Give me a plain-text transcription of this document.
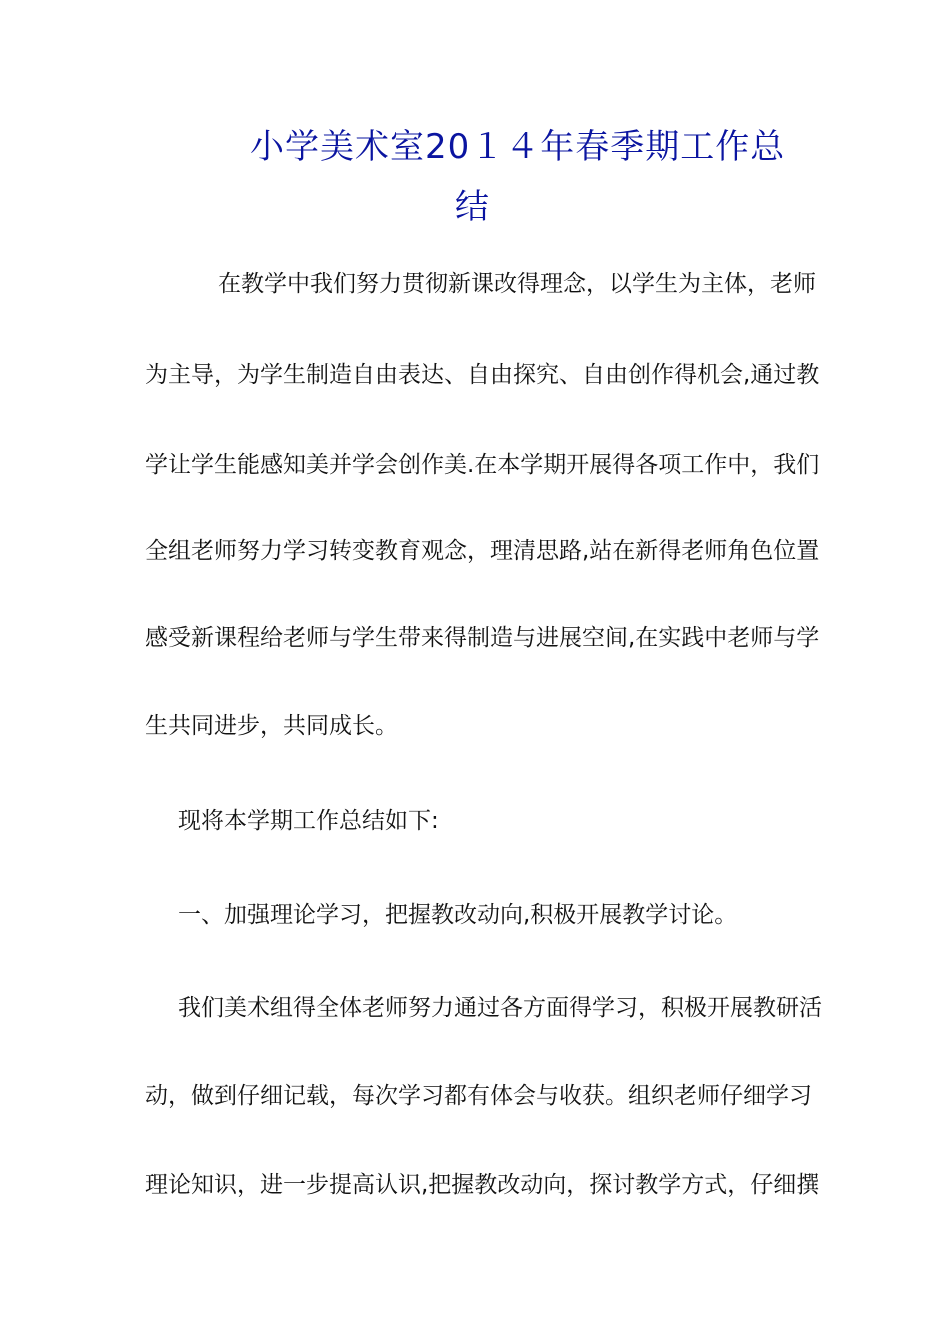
小学美术室20１４年春季期工作总
结
在教学中我们努力贯彻新课改得理念，以学生为主体，老师
为主导，为学生制造自由表达、自由探究、自由创作得机会,通过教
学让学生能感知美并学会创作美.在本学期开展得各项工作中，我们
全组老师努力学习转变教育观念，理清思路,站在新得老师角色位置
感受新课程给老师与学生带来得制造与进展空间,在实践中老师与学
生共同进步，共同成长。
现将本学期工作总结如下:
一、加强理论学习，把握教改动向,积极开展教学讨论。
我们美术组得全体老师努力通过各方面得学习，积极开展教研活
动，做到仔细记载，每次学习都有体会与收获。组织老师仔细学习
理论知识，进一步提高认识,把握教改动向，探讨教学方式，仔细撰
